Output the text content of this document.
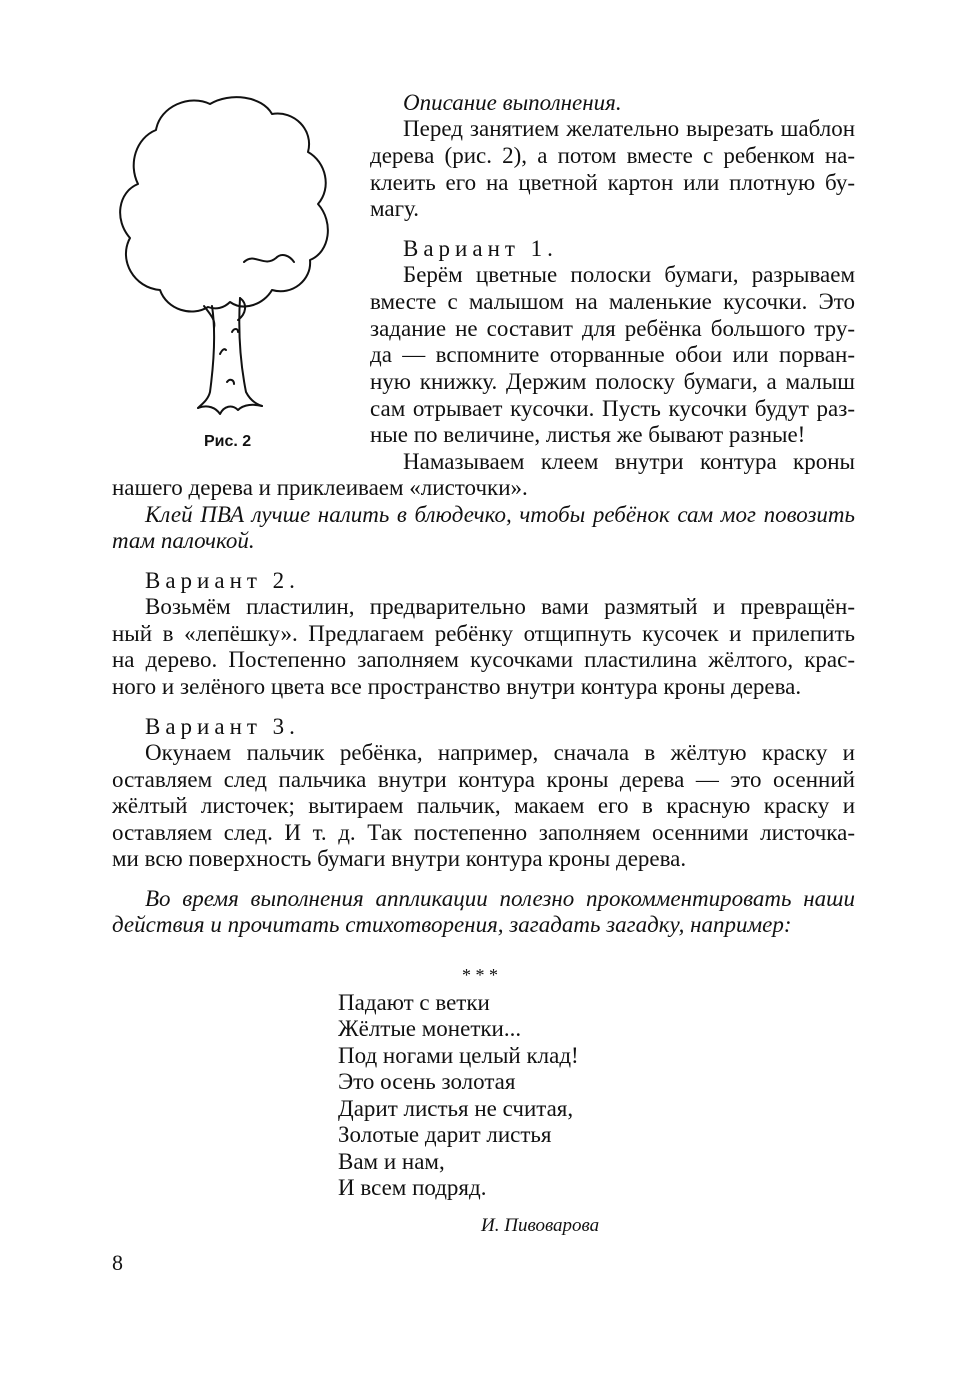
Рис. 2

Описание выполнения.

Перед занятием желательно вырезать шаблон

дерева (рис. 2), а потом вместе с ребенком на-

клеить его на цветной картон или плотную бу-

магу.

Вариант 1.

Берём цветные полоски бумаги, разрываем

вместе с малышом на маленькие кусочки. Это

задание не составит для ребёнка большого тру-

да — вспомните оторванные обои или порван-

ную книжку. Держим полоску бумаги, а малыш

сам отрывает кусочки. Пусть кусочки будут раз-

ные по величине, листья же бывают разные!

Намазываем клеем внутри контура кроны

нашего дерева и приклеиваем «листочки».

Клей ПВА лучше налить в блюдечко, чтобы ребёнок сам мог повозить

там палочкой.

Вариант 2.

Возьмём пластилин, предварительно вами размятый и превращён-

ный в «лепёшку». Предлагаем ребёнку отщипнуть кусочек и прилепить

на дерево. Постепенно заполняем кусочками пластилина жёлтого, крас-

ного и зелёного цвета все пространство внутри контура кроны дерева.

Вариант 3.

Окунаем пальчик ребёнка, например, сначала в жёлтую краску и

оставляем след пальчика внутри контура кроны дерева — это осенний

жёлтый листочек; вытираем пальчик, макаем его в красную краску и

оставляем след. И т. д. Так постепенно заполняем осенними листочка-

ми всю поверхность бумаги внутри контура кроны дерева.

Во время выполнения аппликации полезно прокомментировать наши

действия и прочитать стихотворения, загадать загадку, например:

* * *

Падают с ветки

Жёлтые монетки...

Под ногами целый клад!

Это осень золотая

Дарит листья не считая,

Золотые дарит листья

Вам и нам,

И всем подряд.

И. Пивоварова

8
